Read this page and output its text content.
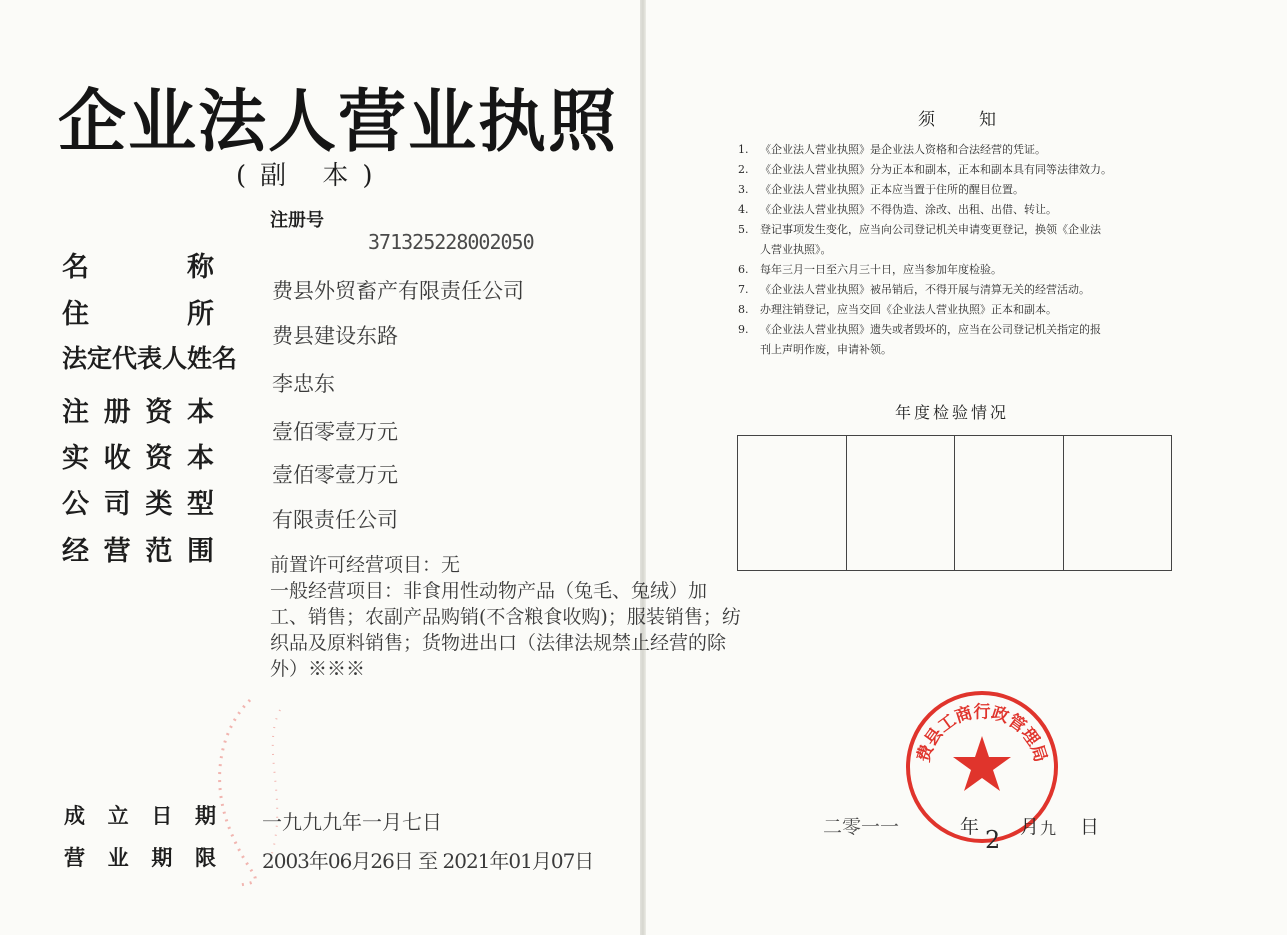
企业法人营业执照
(副 本)
注册号
371325228002050
名 称
费县外贸畜产有限责任公司
住 所
费县建设东路
法定代表人姓名
李忠东
注 册 资 本
壹佰零壹万元
实 收 资 本
壹佰零壹万元
公 司 类 型	有限责任公司
经 营 范 围	前置许可经营项目：无
一般经营项目：非食用性动物产品（兔毛、兔绒）加
工、销售；农副产品购销(不含粮食收购)；服装销售；纺
织品及原料销售；货物进出口（法律法规禁止经营的除
外）※※※
成 立 日 期 一九九九年一月七日
营 业 期 限 2003年06月26日 至 2021年01月07日
须知
1. 《企业法人营业执照》是企业法人资格和合法经营的凭证。
2. 《企业法人营业执照》分为正本和副本，正本和副本具有同等法律效力。
3. 《企业法人营业执照》正本应当置于住所的醒目位置。
4. 《企业法人营业执照》不得伪造、涂改、出租、出借、转让。
5. 登记事项发生变化，应当向公司登记机关申请变更登记，换领《企业法
人营业执照》。
6. 每年三月一日至六月三十日，应当参加年度检验。
7. 《企业法人营业执照》被吊销后，不得开展与清算无关的经营活动。
8. 办理注销登记，应当交回《企业法人营业执照》正本和副本。
9. 《企业法人营业执照》遗失或者毁坏的，应当在公司登记机关指定的报
刊上声明作废，申请补领。
年度检验情况
费县工商行政管理局
二零一一	年	九
月
2	日
